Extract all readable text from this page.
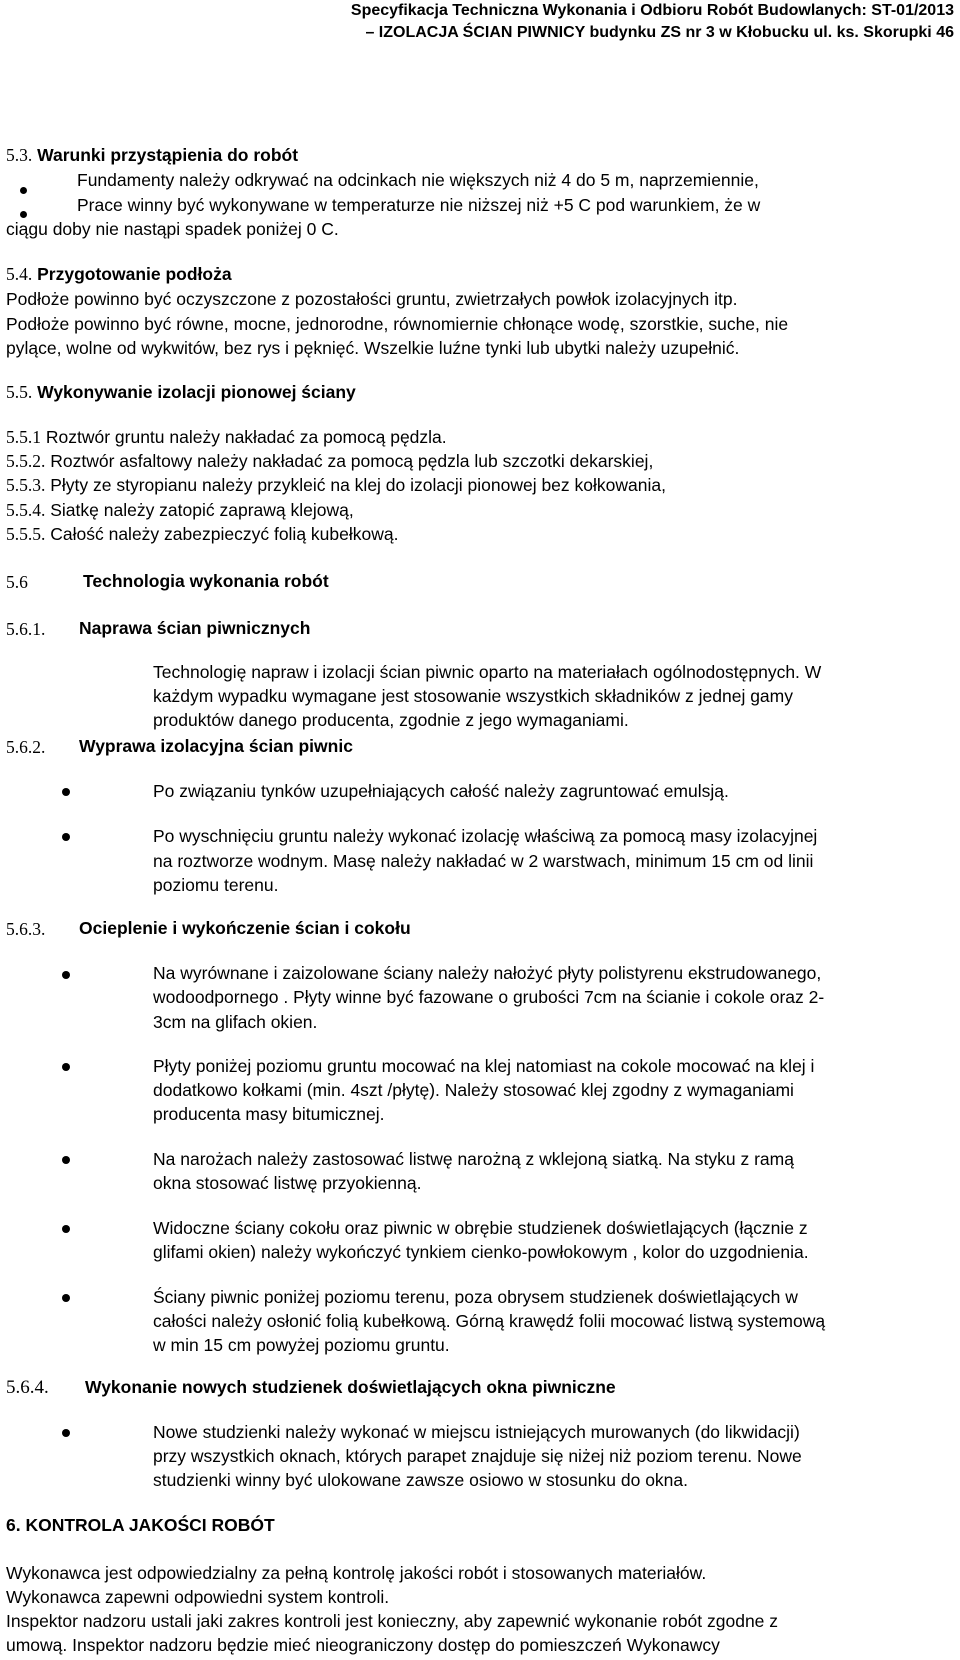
Specyfikacja Techniczna Wykonania i Odbioru Robót Budowlanych: ST-01/2013
– IZOLACJA ŚCIAN PIWNICY budynku ZS nr 3 w Kłobucku ul. ks. Skorupki 46
5.3. Warunki przystąpienia do robót
Fundamenty należy odkrywać na odcinkach nie większych niż 4 do 5 m, naprzemiennie,
Prace winny być wykonywane w temperaturze nie niższej niż +5 C pod warunkiem, że w
ciągu doby nie nastąpi spadek poniżej 0 C.
5.4. Przygotowanie podłoża
Podłoże powinno być oczyszczone z pozostałości gruntu, zwietrzałych powłok izolacyjnych itp.
Podłoże powinno być równe, mocne, jednorodne, równomiernie chłonące wodę, szorstkie, suche, nie
pylące, wolne od wykwitów, bez rys i pęknięć. Wszelkie luźne tynki lub ubytki należy uzupełnić.
5.5. Wykonywanie izolacji pionowej ściany
5.5.1 Roztwór gruntu należy nakładać za pomocą pędzla.
5.5.2. Roztwór asfaltowy należy nakładać za pomocą pędzla lub szczotki dekarskiej,
5.5.3. Płyty ze styropianu należy przykleić na klej do izolacji pionowej bez kołkowania,
5.5.4. Siatkę należy zatopić zaprawą klejową,
5.5.5. Całość należy zabezpieczyć folią kubełkową.
5.6	Technologia wykonania robót
5.6.1. Naprawa ścian piwnicznych
Technologię napraw i izolacji ścian piwnic oparto na materiałach ogólnodostępnych. W
każdym wypadku wymagane jest stosowanie wszystkich składników z jednej gamy
produktów danego producenta, zgodnie z jego wymaganiami.
5.6.2. Wyprawa izolacyjna ścian piwnic
Po związaniu tynków uzupełniających całość należy zagruntować emulsją.
Po wyschnięciu gruntu należy wykonać izolację właściwą za pomocą masy izolacyjnej
na roztworze wodnym. Masę należy nakładać w 2 warstwach, minimum 15 cm od linii
poziomu terenu.
5.6.3. Ocieplenie i wykończenie ścian i cokołu
Na wyrównane i zaizolowane ściany należy nałożyć płyty polistyrenu ekstrudowanego,
wodoodpornego . Płyty winne być fazowane o grubości 7cm na ścianie i cokole oraz 2-
3cm na glifach okien.
Płyty poniżej poziomu gruntu mocować na klej natomiast na cokole mocować na klej i
dodatkowo kołkami (min. 4szt /płytę). Należy stosować klej zgodny z wymaganiami
producenta masy bitumicznej.
Na narożach należy zastosować listwę narożną z wklejoną siatką. Na styku z ramą
okna stosować listwę przyokienną.
Widoczne ściany cokołu oraz piwnic w obrębie studzienek doświetlających (łącznie z
glifami okien) należy wykończyć tynkiem cienko-powłokowym , kolor do uzgodnienia.
Ściany piwnic poniżej poziomu terenu, poza obrysem studzienek doświetlających w
całości należy osłonić folią kubełkową. Górną krawędź folii mocować listwą systemową
w min 15 cm powyżej poziomu gruntu.
5.6.4. Wykonanie nowych studzienek doświetlających okna piwniczne
Nowe studzienki należy wykonać w miejscu istniejących murowanych (do likwidacji)
przy wszystkich oknach, których parapet znajduje się niżej niż poziom terenu. Nowe
studzienki winny być ulokowane zawsze osiowo w stosunku do okna.
6. KONTROLA JAKOŚCI ROBÓT
Wykonawca jest odpowiedzialny za pełną kontrolę jakości robót i stosowanych materiałów.
Wykonawca zapewni odpowiedni system kontroli.
Inspektor nadzoru ustali jaki zakres kontroli jest konieczny, aby zapewnić wykonanie robót zgodne z
umową. Inspektor nadzoru będzie mieć nieograniczony dostęp do pomieszczeń Wykonawcy
